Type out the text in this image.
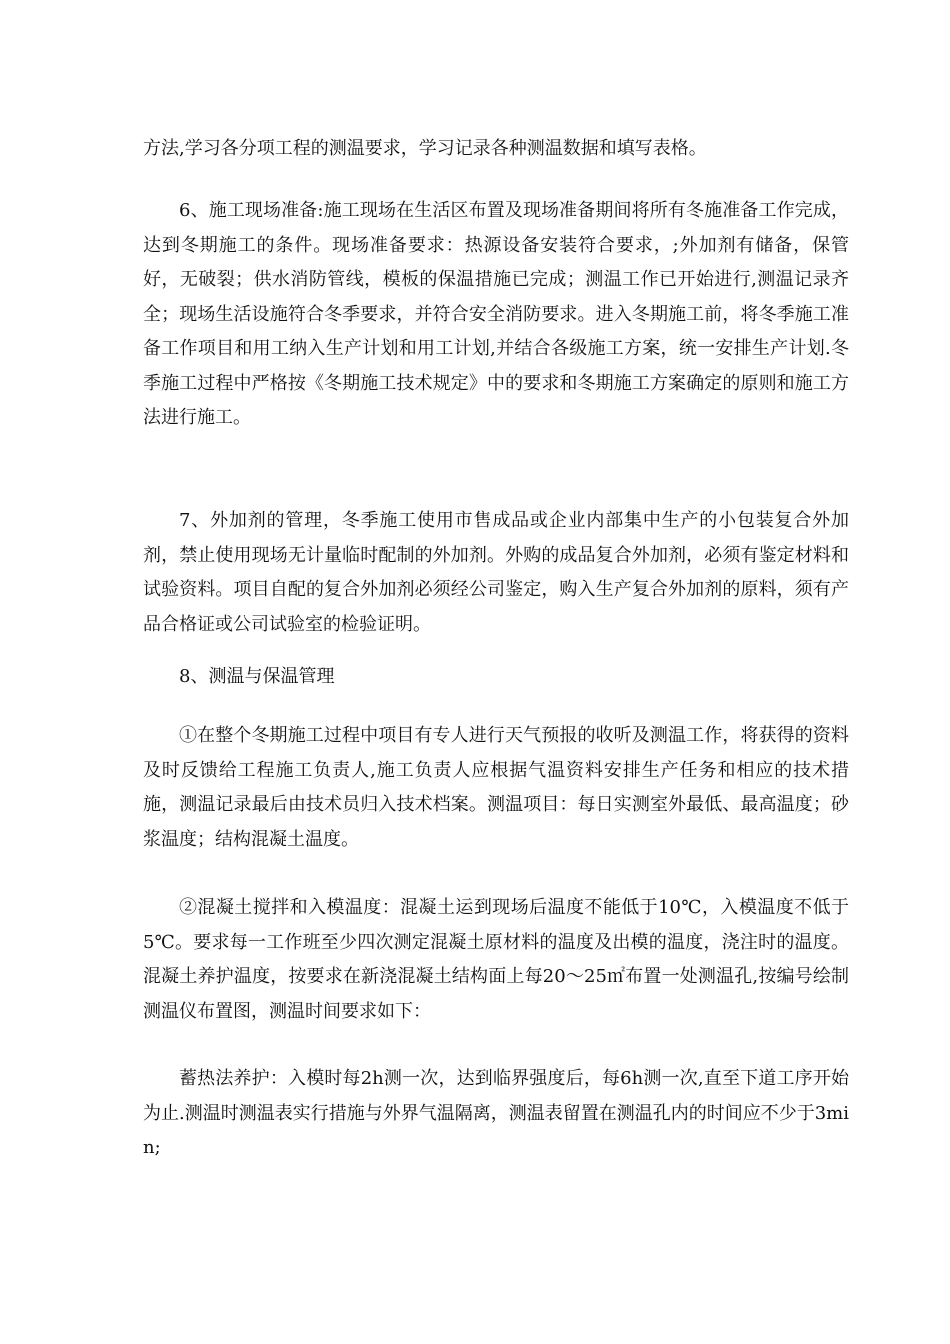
方法,学习各分项工程的测温要求，学习记录各种测温数据和填写表格。

6、施工现场准备:施工现场在生活区布置及现场准备期间将所有冬施准备工作完成，达到冬期施工的条件。现场准备要求：热源设备安装符合要求，;外加剂有储备，保管好，无破裂；供水消防管线，模板的保温措施已完成；测温工作已开始进行,测温记录齐全；现场生活设施符合冬季要求，并符合安全消防要求。进入冬期施工前，将冬季施工准备工作项目和用工纳入生产计划和用工计划,并结合各级施工方案，统一安排生产计划.冬季施工过程中严格按《冬期施工技术规定》中的要求和冬期施工方案确定的原则和施工方法进行施工。

7、外加剂的管理，冬季施工使用市售成品或企业内部集中生产的小包装复合外加剂，禁止使用现场无计量临时配制的外加剂。外购的成品复合外加剂，必须有鉴定材料和试验资料。项目自配的复合外加剂必须经公司鉴定，购入生产复合外加剂的原料，须有产品合格证或公司试验室的检验证明。

8、测温与保温管理

①在整个冬期施工过程中项目有专人进行天气预报的收听及测温工作，将获得的资料及时反馈给工程施工负责人,施工负责人应根据气温资料安排生产任务和相应的技术措施，测温记录最后由技术员归入技术档案。测温项目：每日实测室外最低、最高温度；砂浆温度；结构混凝土温度。

②混凝土搅拌和入模温度：混凝土运到现场后温度不能低于10℃，入模温度不低于5℃。要求每一工作班至少四次测定混凝土原材料的温度及出模的温度，浇注时的温度。混凝土养护温度，按要求在新浇混凝土结构面上每20～25㎡布置一处测温孔,按编号绘制测温仪布置图，测温时间要求如下：

蓄热法养护：入模时每2h测一次，达到临界强度后，每6h测一次,直至下道工序开始为止.测温时测温表实行措施与外界气温隔离，测温表留置在测温孔内的时间应不少于3min;
